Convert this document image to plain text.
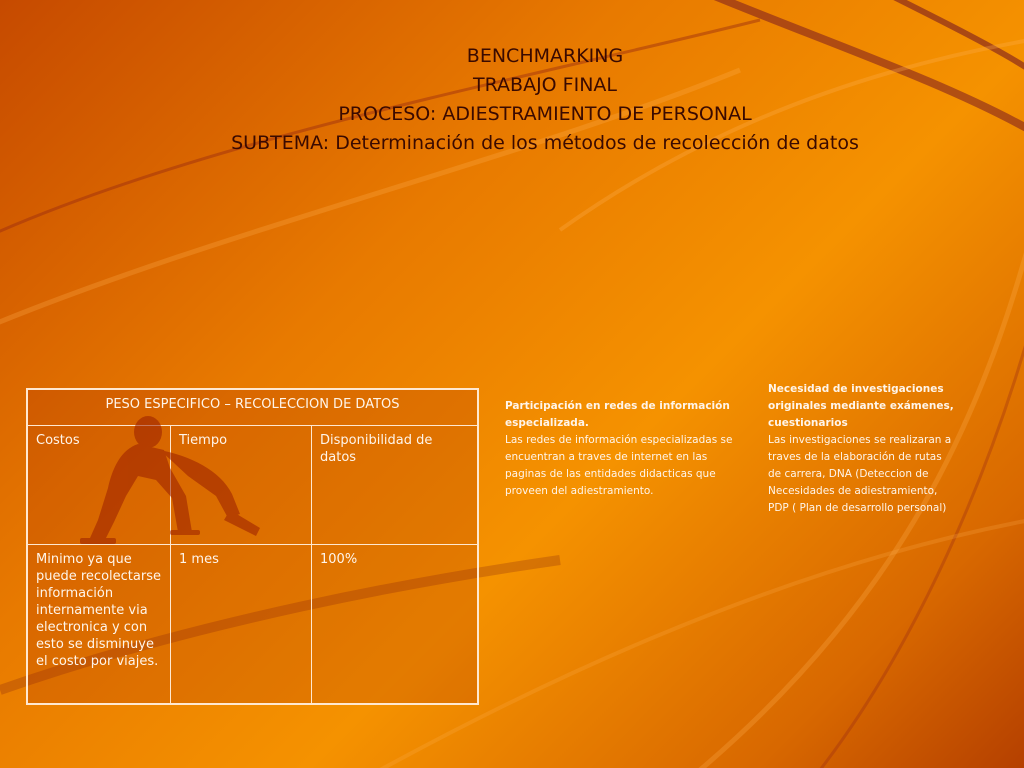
BENCHMARKING
TRABAJO FINAL
PROCESO: ADIESTRAMIENTO DE PERSONAL
SUBTEMA: Determinación de los métodos de recolección de datos
PESO ESPECIFICO – RECOLECCION DE DATOS		
Costos	Tiempo	Disponibilidad de datos
Minimo ya que puede recolectarse información internamente via electronica y con esto se disminuye el costo por viajes.	1 mes	100%
Participación en redes de información especializada.
Las redes de información especializadas se encuentran a traves de internet en las paginas de las entidades didacticas que proveen del adiestramiento.
Necesidad de investigaciones originales mediante exámenes, cuestionarios
Las investigaciones se realizaran a traves de la elaboración de rutas de carrera, DNA (Deteccion de Necesidades de adiestramiento, PDP ( Plan de desarrollo personal)
